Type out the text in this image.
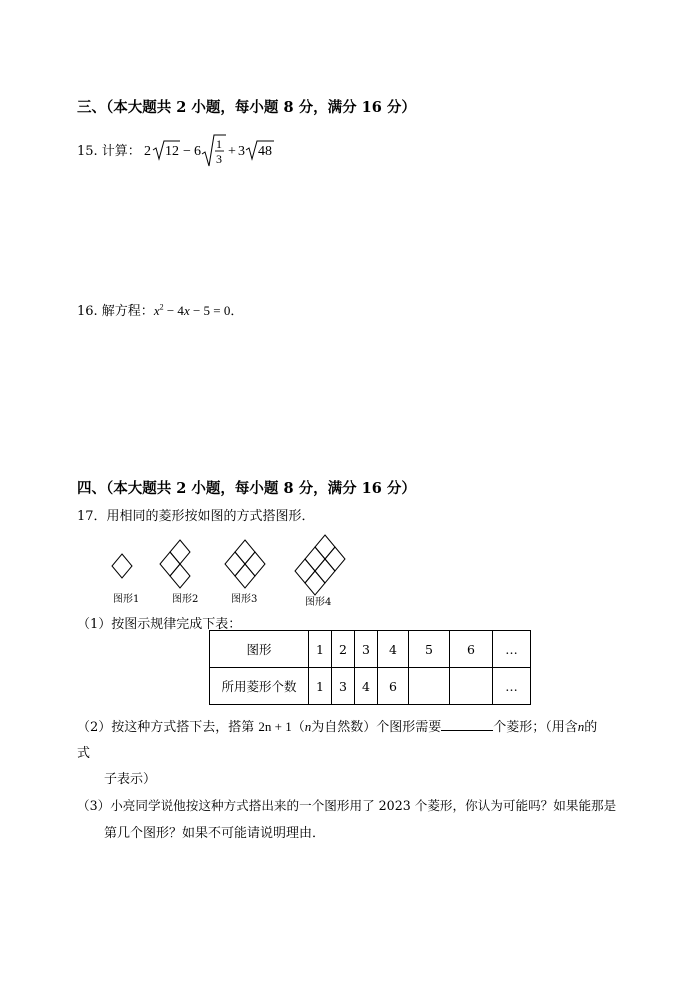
三、（本大题共 2 小题，每小题 8 分，满分 16 分）
15. 计算： 2 12 − 6 1
3 + 3 48
16. 解方程：$x^2 - 4x - 5 = 0$．
四、（本大题共 2 小题，每小题 8 分，满分 16 分）
17．用相同的菱形按如图的方式搭图形．
图形1	图形2	图形3	图形4
（1）按图示规律完成下表：
图形	1	2	3	4	5	6	…
所用菱形个数	1	3	4	6			…
（2）按这种方式搭下去，搭第 2n + 1（n为自然数）个图形需要	个菱形；（用含n的
式
子表示）
（3）小亮同学说他按这种方式搭出来的一个图形用了 2023 个菱形，你认为可能吗？如果能那是
第几个图形？如果不可能请说明理由．
